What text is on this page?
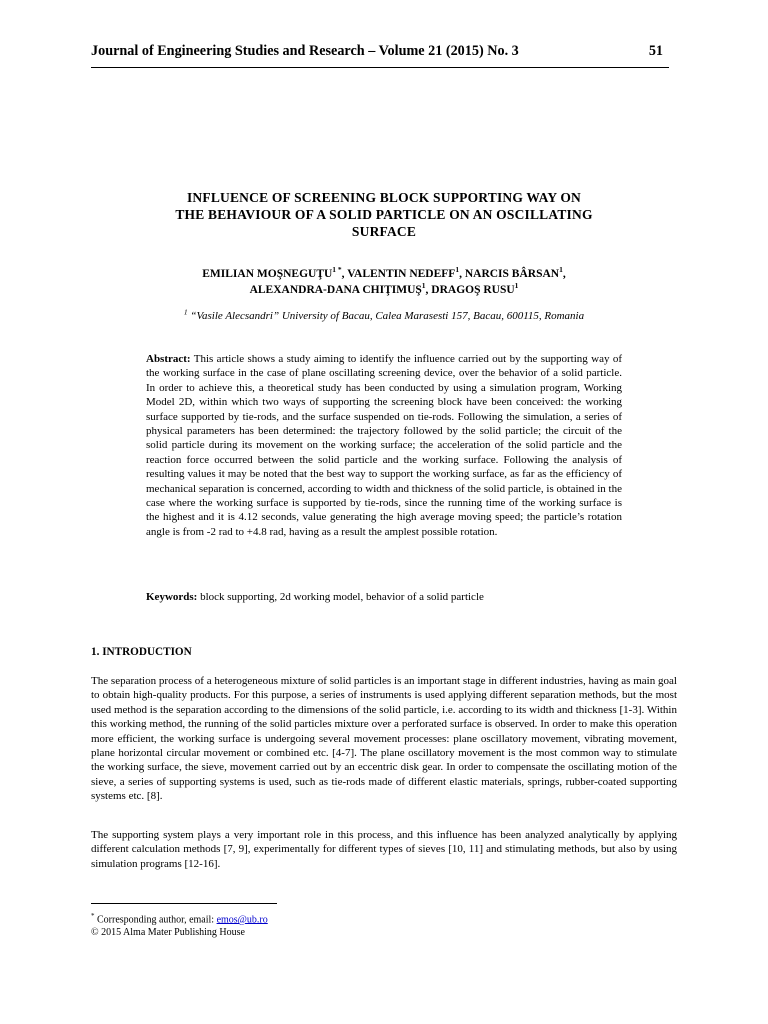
Journal of Engineering Studies and Research – Volume 21 (2015) No. 3	51
INFLUENCE OF SCREENING BLOCK SUPPORTING WAY ON
THE BEHAVIOUR OF A SOLID PARTICLE ON AN OSCILLATING
SURFACE
EMILIAN $MOŞNEGUŢU^{1 *}$, VALENTIN NEDEFF$^1$, NARCIS BÂRSAN$^1$,
ALEXANDRA-DANA CHIŢIMUŞ$^1$, DRAGOŞ RUSU$^1$
$^1$ “Vasile Alecsandri” University of Bacau, Calea Marasesti 157, Bacau, 600115, Romania
Abstract: This article shows a study aiming to identify the influence carried out by the supporting way of the working surface in the case of plane oscillating screening device, over the behavior of a solid particle. In order to achieve this, a theoretical study has been conducted by using a simulation program, Working Model 2D, within which two ways of supporting the screening block have been conceived: the working surface supported by tie-rods, and the surface suspended on tie-rods. Following the simulation, a series of physical parameters has been determined: the trajectory followed by the solid particle; the circuit of the solid particle during its movement on the working surface; the acceleration of the solid particle and the reaction force occurred between the solid particle and the working surface. Following the analysis of resulting values it may be noted that the best way to support the working surface, as far as the efficiency of mechanical separation is concerned, according to width and thickness of the solid particle, is obtained in the case where the working surface is supported by tie-rods, since the running time of the working surface is the highest and it is 4.12 seconds, value generating the high average moving speed; the particle’s rotation angle is from -2 rad to +4.8 rad, having as a result the amplest possible rotation.
Keywords: block supporting, 2d working model, behavior of a solid particle
1. INTRODUCTION
The separation process of a heterogeneous mixture of solid particles is an important stage in different industries, having as main goal to obtain high-quality products. For this purpose, a series of instruments is used applying different separation methods, but the most used method is the separation according to the dimensions of the solid particle, i.e. according to its width and thickness [1-3]. Within this working method, the running of the solid particles mixture over a perforated surface is observed. In order to make this operation more efficient, the working surface is undergoing several movement processes: plane oscillatory movement, vibrating movement, plane horizontal circular movement or combined etc. [4-7]. The plane oscillatory movement is the most common way to stimulate the working surface, the sieve, movement carried out by an eccentric disk gear. In order to compensate the oscillating motion of the sieve, a series of supporting systems is used, such as tie-rods made of different elastic materials, springs, rubber-coated supporting systems etc. [8].
The supporting system plays a very important role in this process, and this influence has been analyzed analytically by applying different calculation methods [7, 9], experimentally for different types of sieves [10, 11] and stimulating methods, but also by using simulation programs [12-16].
* Corresponding author, email: emos@ub.ro
© 2015 Alma Mater Publishing House
